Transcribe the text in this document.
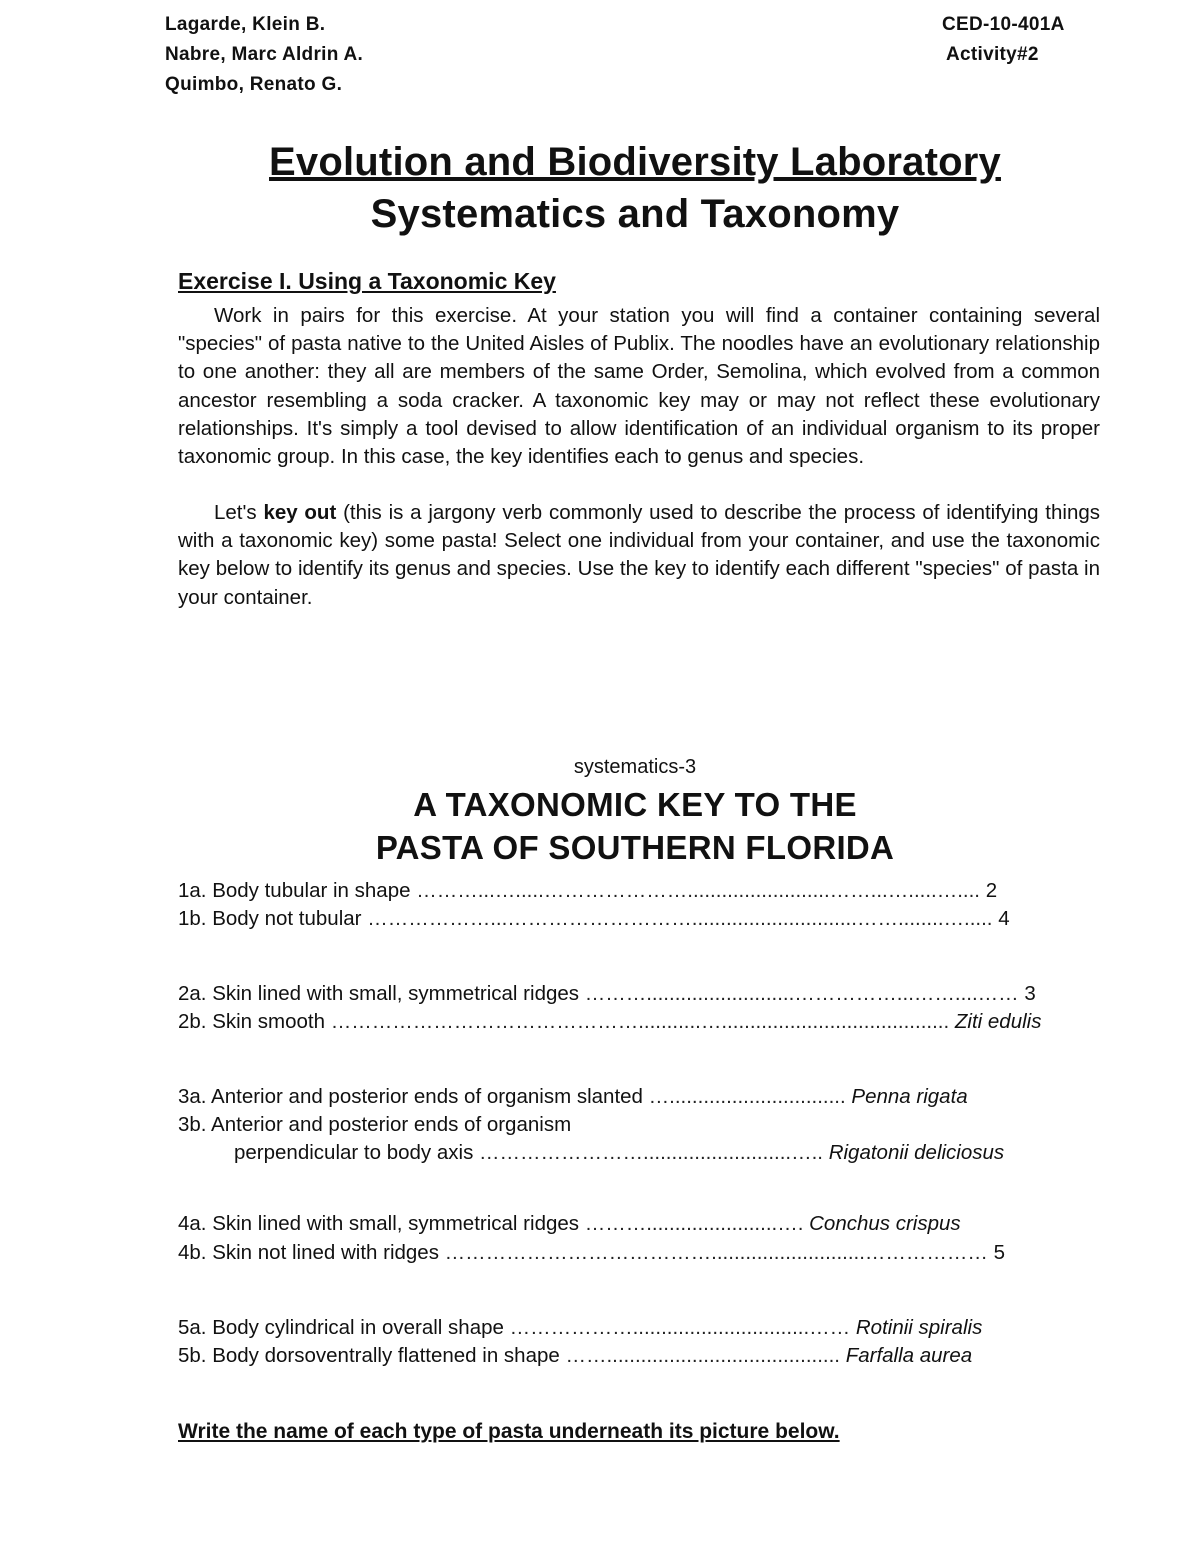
Lagarde, Klein B.
Nabre, Marc Aldrin A.
Quimbo, Renato G.
CED-10-401A
Activity#2
Evolution and Biodiversity Laboratory
Systematics and Taxonomy
Exercise I. Using a Taxonomic Key

Work in pairs for this exercise. At your station you will find a container containing several "species" of pasta native to the United Aisles of Publix. The noodles have an evolutionary relationship to one another: they all are members of the same Order, Semolina, which evolved from a common ancestor resembling a soda cracker. A taxonomic key may or may not reflect these evolutionary relationships. It's simply a tool devised to allow identification of an individual organism to its proper taxonomic group. In this case, the key identifies each to genus and species.

Let's key out (this is a jargony verb commonly used to describe the process of identifying things with a taxonomic key) some pasta! Select one individual from your container, and use the taxonomic key below to identify its genus and species. Use the key to identify each different "species" of pasta in your container.

systematics-3
A TAXONOMIC KEY TO THE
PASTA OF SOUTHERN FLORIDA
1a. Body tubular in shape ………...….....………………….........................……...….....….... 2
1b. Body not tubular ………………...……………………….............................……........…..... 4
2a. Skin lined with small, symmetrical ridges ………..........................……………...……....…… 3
2b. Skin smooth ………………………………………...........…........................................ Ziti edulis
3a. Anterior and posterior ends of organism slanted …............................... Penna rigata
3b. Anterior and posterior ends of organism
perpendicular to body axis ……………………..........................….. Rigatonii deliciosus
4a. Skin lined with small, symmetrical ridges ……….......................…. Conchus crispus
4b. Skin not lined with ridges …………………………………...........................……………… 5
5a. Body cylindrical in overall shape ………………...............................…… Rotinii spiralis
5b. Body dorsoventrally flattened in shape ……......................................... Farfalla aurea
Write the name of each type of pasta underneath its picture below.
